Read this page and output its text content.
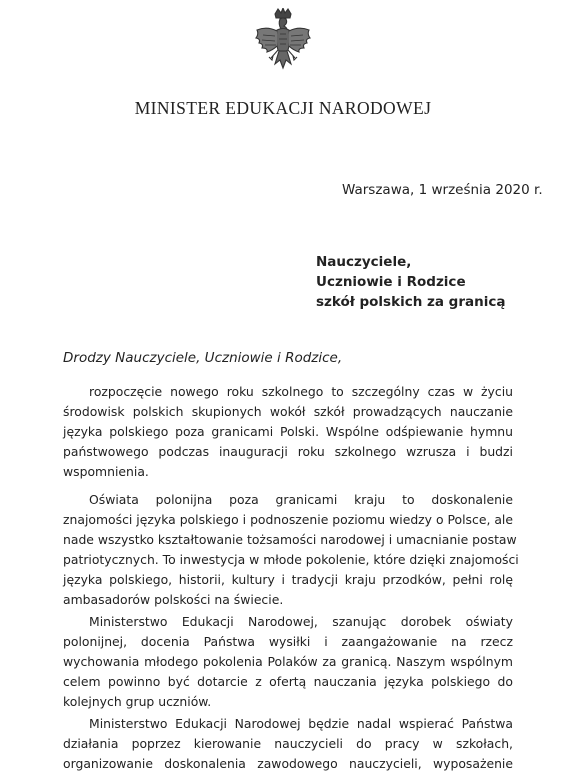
MINISTER EDUKACJI NARODOWEJ
Warszawa, 1 września 2020 r.
Nauczyciele,
Uczniowie i Rodzice
szkół polskich za granicą
Drodzy Nauczyciele, Uczniowie i Rodzice,
rozpoczęcie nowego roku szkolnego to szczególny czas w życiu
środowisk polskich skupionych wokół szkół prowadzących nauczanie
języka polskiego poza granicami Polski. Wspólne odśpiewanie hymnu
państwowego podczas inauguracji roku szkolnego wzrusza i budzi
wspomnienia.
Oświata polonijna poza granicami kraju to doskonalenie
znajomości języka polskiego i podnoszenie poziomu wiedzy o Polsce, ale
nade wszystko kształtowanie tożsamości narodowej i umacnianie postaw
patriotycznych. To inwestycja w młode pokolenie, które dzięki znajomości
języka polskiego, historii, kultury i tradycji kraju przodków, pełni rolę
ambasadorów polskości na świecie.
Ministerstwo Edukacji Narodowej, szanując dorobek oświaty
polonijnej, docenia Państwa wysiłki i zaangażowanie na rzecz
wychowania młodego pokolenia Polaków za granicą. Naszym wspólnym
celem powinno być dotarcie z ofertą nauczania języka polskiego do
kolejnych grup uczniów.
Ministerstwo Edukacji Narodowej będzie nadal wspierać Państwa
działania poprzez kierowanie nauczycieli do pracy w szkołach,
organizowanie doskonalenia zawodowego nauczycieli, wyposażenie
